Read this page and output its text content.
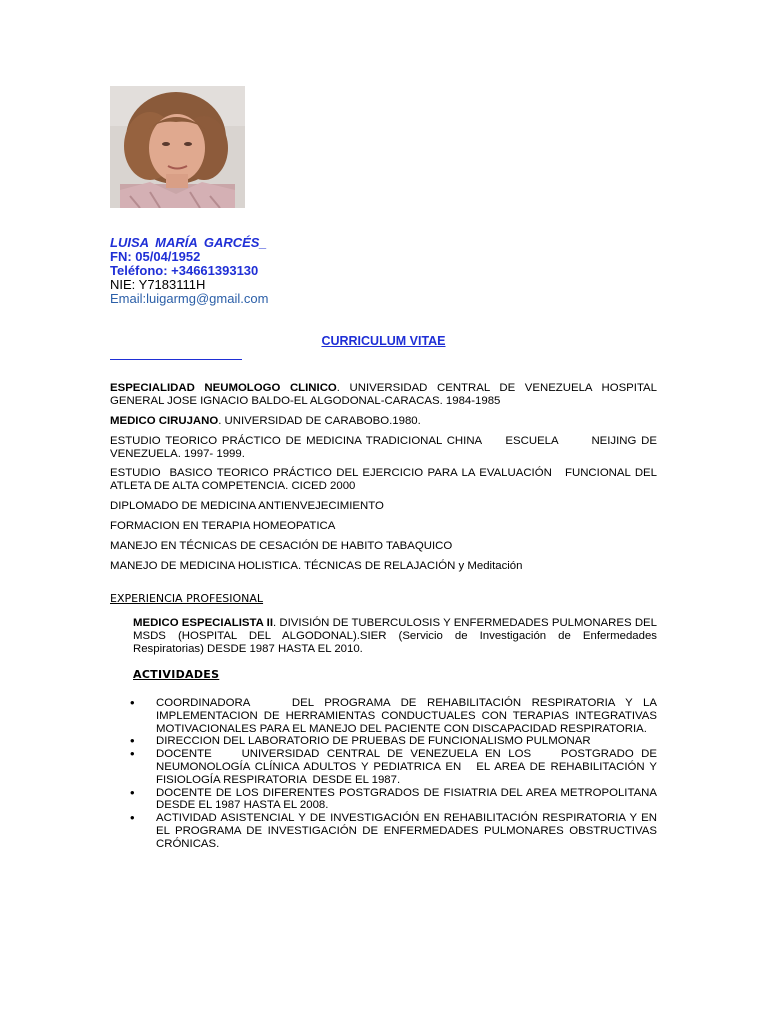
LUISA MARÍA GARCÉS_
FN: 05/04/1952
Teléfono: +34661393130
NIE: Y7183111H
Email:luigarmg@gmail.com
CURRICULUM VITAE
ESPECIALIDAD NEUMOLOGO CLINICO. UNIVERSIDAD CENTRAL DE VENEZUELA HOSPITAL GENERAL JOSE IGNACIO BALDO-EL ALGODONAL-CARACAS. 1984-1985
MEDICO CIRUJANO. UNIVERSIDAD DE CARABOBO.1980.
ESTUDIO TEORICO PRÁCTICO DE MEDICINA TRADICIONAL CHINA     ESCUELA       NEIJING DE VENEZUELA. 1997- 1999.
ESTUDIO  BASICO TEORICO PRÁCTICO DEL EJERCICIO PARA LA EVALUACIÓN   FUNCIONAL DEL ATLETA DE ALTA COMPETENCIA. CICED 2000
DIPLOMADO DE MEDICINA ANTIENVEJECIMIENTO
FORMACION EN TERAPIA HOMEOPATICA
MANEJO EN TÉCNICAS DE CESACIÓN DE HABITO TABAQUICO
MANEJO DE MEDICINA HOLISTICA. TÉCNICAS DE RELAJACIÓN y Meditación
EXPERIENCIA PROFESIONAL
MEDICO ESPECIALISTA II. DIVISIÓN DE TUBERCULOSIS Y ENFERMEDADES PULMONARES DEL MSDS (HOSPITAL DEL ALGODONAL).SIER (Servicio de Investigación de Enfermedades Respiratorias) DESDE 1987 HASTA EL 2010.
ACTIVIDADES
• COORDINADORA    DEL PROGRAMA DE REHABILITACIÓN RESPIRATORIA Y LA IMPLEMENTACION DE HERRAMIENTAS CONDUCTUALES CON TERAPIAS INTEGRATIVAS MOTIVACIONALES PARA EL MANEJO DEL PACIENTE CON DISCAPACIDAD RESPIRATORIA.
• DIRECCION DEL LABORATORIO DE PRUEBAS DE FUNCIONALISMO PULMONAR
• DOCENTE    UNIVERSIDAD CENTRAL DE VENEZUELA EN LOS    POSTGRADO DE NEUMONOLOGÍA CLÍNICA ADULTOS Y PEDIATRICA EN   EL AREA DE REHABILITACIÓN Y FISIOLOGÍA RESPIRATORIA  DESDE EL 1987.
• DOCENTE DE LOS DIFERENTES POSTGRADOS DE FISIATRIA DEL AREA METROPOLITANA DESDE EL 1987 HASTA EL 2008.
• ACTIVIDAD ASISTENCIAL Y DE INVESTIGACIÓN EN REHABILITACIÓN RESPIRATORIA Y EN EL PROGRAMA DE INVESTIGACIÓN DE ENFERMEDADES PULMONARES OBSTRUCTIVAS CRÓNICAS.
